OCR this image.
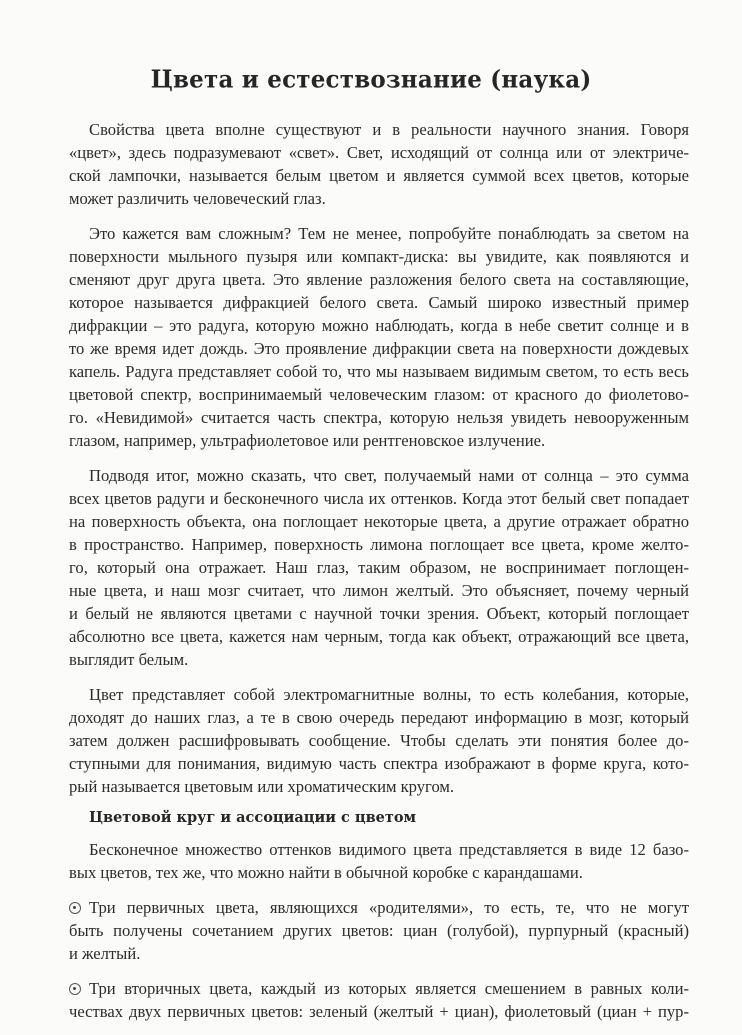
Цвета и естествознание (наука)

Свойства цвета вполне существуют и в реальности научного знания. Говоря
«цвет», здесь подразумевают «свет». Свет, исходящий от солнца или от электриче-
ской лампочки, называется белым цветом и является суммой всех цветов, которые
может различить человеческий глаз.

Это кажется вам сложным? Тем не менее, попробуйте понаблюдать за светом на
поверхности мыльного пузыря или компакт-диска: вы увидите, как появляются и
сменяют друг друга цвета. Это явление разложения белого света на составляющие,
которое называется дифракцией белого света. Самый широко известный пример
дифракции – это радуга, которую можно наблюдать, когда в небе светит солнце и в
то же время идет дождь. Это проявление дифракции света на поверхности дождевых
капель. Радуга представляет собой то, что мы называем видимым светом, то есть весь
цветовой спектр, воспринимаемый человеческим глазом: от красного до фиолетово-
го. «Невидимой» считается часть спектра, которую нельзя увидеть невооруженным
глазом, например, ультрафиолетовое или рентгеновское излучение.

Подводя итог, можно сказать, что свет, получаемый нами от солнца – это сумма
всех цветов радуги и бесконечного числа их оттенков. Когда этот белый свет попадает
на поверхность объекта, она поглощает некоторые цвета, а другие отражает обратно
в пространство. Например, поверхность лимона поглощает все цвета, кроме желто-
го, который она отражает. Наш глаз, таким образом, не воспринимает поглощен-
ные цвета, и наш мозг считает, что лимон желтый. Это объясняет, почему черный
и белый не являются цветами с научной точки зрения. Объект, который поглощает
абсолютно все цвета, кажется нам черным, тогда как объект, отражающий все цвета,
выглядит белым.

Цвет представляет собой электромагнитные волны, то есть колебания, которые,
доходят до наших глаз, а те в свою очередь передают информацию в мозг, который
затем должен расшифровывать сообщение. Чтобы сделать эти понятия более до-
ступными для понимания, видимую часть спектра изображают в форме круга, кото-
рый называется цветовым или хроматическим кругом.

Цветовой круг и ассоциации с цветом

Бесконечное множество оттенков видимого цвета представляется в виде 12 базо-
вых цветов, тех же, что можно найти в обычной коробке с карандашами.

Три первичных цвета, являющихся «родителями», то есть, те, что не могут
быть получены сочетанием других цветов: циан (голубой), пурпурный (красный)
и желтый.
Три вторичных цвета, каждый из которых является смешением в равных коли-
чествах двух первичных цветов: зеленый (желтый + циан), фиолетовый (циан + пур-
